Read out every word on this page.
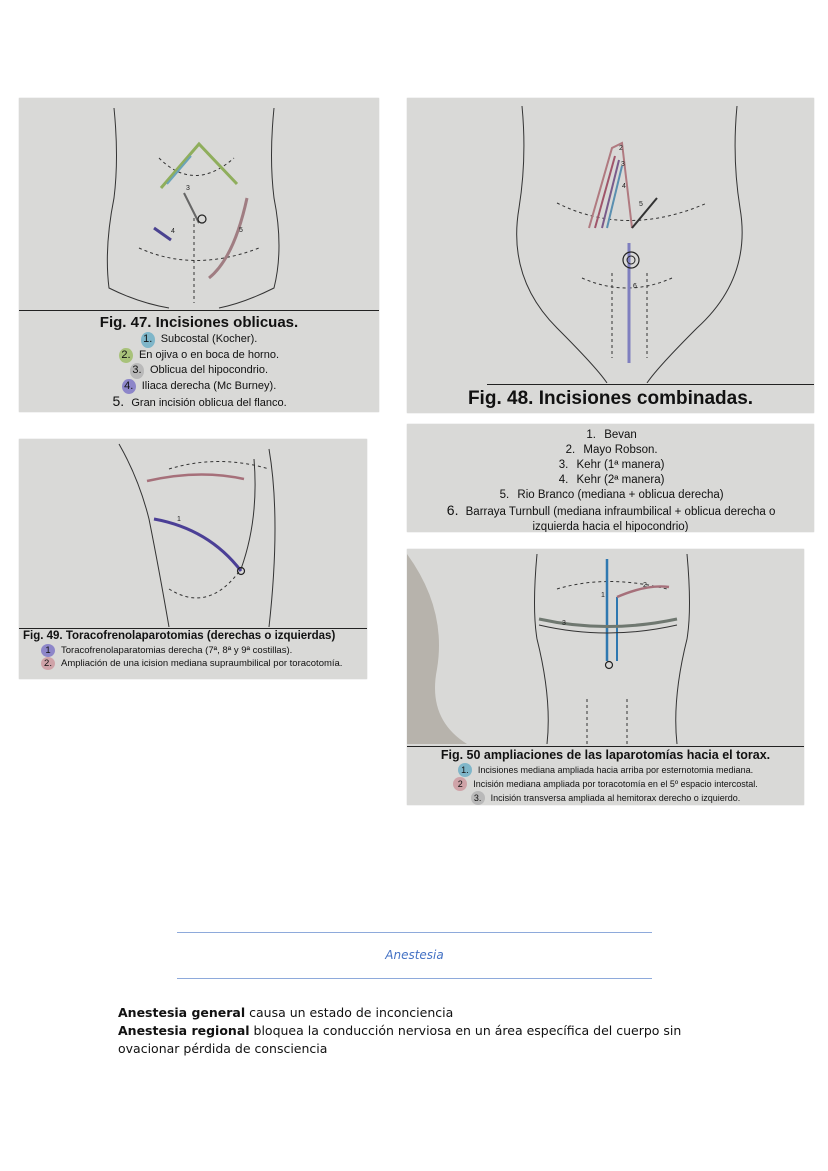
3
4	5
Fig. 47. Incisiones oblicuas.
1. Subcostal (Kocher).
2. En ojiva o en boca de horno.
3. Oblicua del hipocondrio.
4. Iliaca derecha (Mc Burney).
5. Gran incisión oblicua del flanco.
2
3
4
5
6
Fig. 48. Incisiones combinadas.
1. Bevan
2. Mayo Robson.
3. Kehr (1ª manera)
4. Kehr (2ª manera)
5. Rio Branco (mediana + oblicua derecha)
6. Barraya Turnbull (mediana infraumbilical + oblicua derecha o izquierda hacia el hipocondrio)
1
Fig. 49. Toracofrenolaparotomias (derechas o izquierdas)
1 Toracofrenolaparatomias derecha (7ª, 8ª y 9ª costillas).
2. Ampliación de una icision mediana supraumbilical por toracotomía.
1
2
3
Fig. 50 ampliaciones de las laparotomías hacia el torax.
1. Incisiones mediana ampliada hacia arriba por esternotomia mediana.
2 Incisión mediana ampliada por toracotomía en el 5º espacio intercostal.
3. Incisión transversa ampliada al hemitorax derecho o izquierdo.
Anestesia

Anestesia general causa un estado de inconciencia

Anestesia regional bloquea la conducción nerviosa en un área específica del cuerpo sin ovacionar pérdida de consciencia
